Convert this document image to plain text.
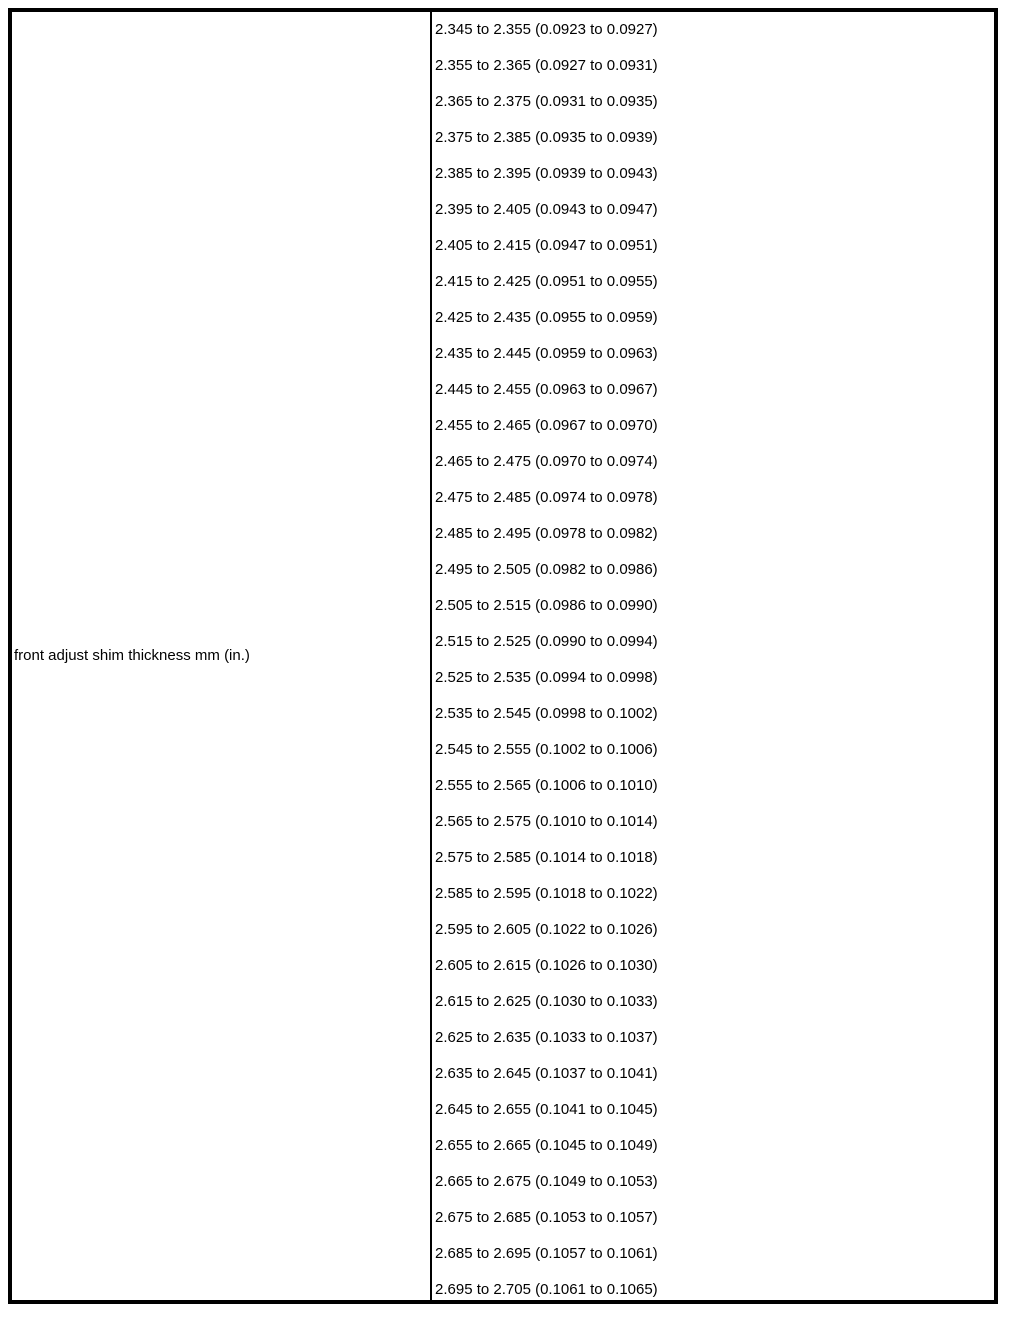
front adjust shim thickness mm (in.)
2.345 to 2.355 (0.0923 to 0.0927)
2.355 to 2.365 (0.0927 to 0.0931)
2.365 to 2.375 (0.0931 to 0.0935)
2.375 to 2.385 (0.0935 to 0.0939)
2.385 to 2.395 (0.0939 to 0.0943)
2.395 to 2.405 (0.0943 to 0.0947)
2.405 to 2.415 (0.0947 to 0.0951)
2.415 to 2.425 (0.0951 to 0.0955)
2.425 to 2.435 (0.0955 to 0.0959)
2.435 to 2.445 (0.0959 to 0.0963)
2.445 to 2.455 (0.0963 to 0.0967)
2.455 to 2.465 (0.0967 to 0.0970)
2.465 to 2.475 (0.0970 to 0.0974)
2.475 to 2.485 (0.0974 to 0.0978)
2.485 to 2.495 (0.0978 to 0.0982)
2.495 to 2.505 (0.0982 to 0.0986)
2.505 to 2.515 (0.0986 to 0.0990)
2.515 to 2.525 (0.0990 to 0.0994)
2.525 to 2.535 (0.0994 to 0.0998)
2.535 to 2.545 (0.0998 to 0.1002)
2.545 to 2.555 (0.1002 to 0.1006)
2.555 to 2.565 (0.1006 to 0.1010)
2.565 to 2.575 (0.1010 to 0.1014)
2.575 to 2.585 (0.1014 to 0.1018)
2.585 to 2.595 (0.1018 to 0.1022)
2.595 to 2.605 (0.1022 to 0.1026)
2.605 to 2.615 (0.1026 to 0.1030)
2.615 to 2.625 (0.1030 to 0.1033)
2.625 to 2.635 (0.1033 to 0.1037)
2.635 to 2.645 (0.1037 to 0.1041)
2.645 to 2.655 (0.1041 to 0.1045)
2.655 to 2.665 (0.1045 to 0.1049)
2.665 to 2.675 (0.1049 to 0.1053)
2.675 to 2.685 (0.1053 to 0.1057)
2.685 to 2.695 (0.1057 to 0.1061)
2.695 to 2.705 (0.1061 to 0.1065)
